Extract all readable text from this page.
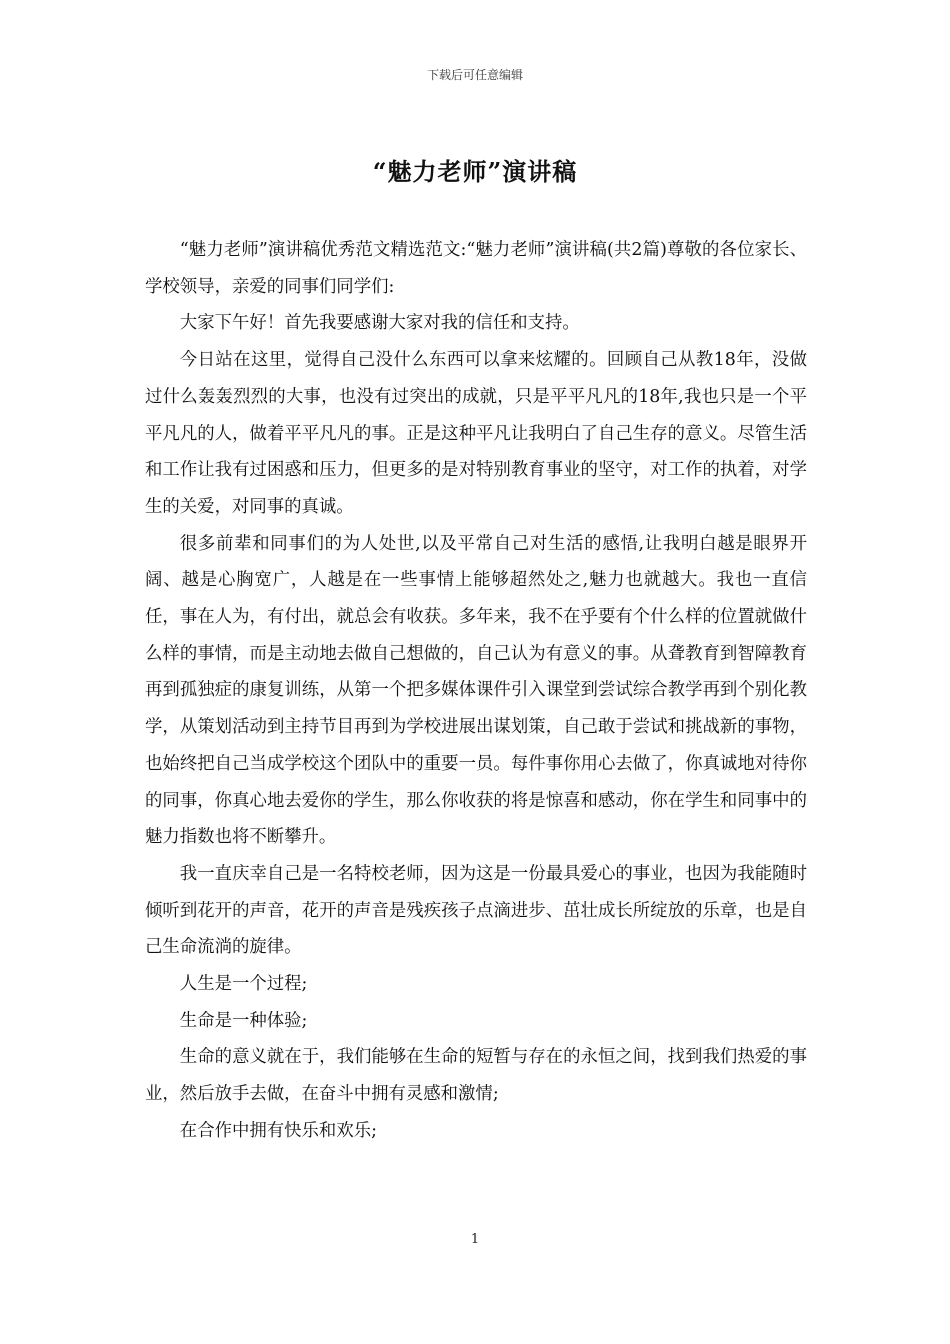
下载后可任意编辑
“魅力老师”演讲稿

“魅力老师”演讲稿优秀范文精选范文:“魅力老师”演讲稿(共2篇)尊敬的各位家长、学校领导，亲爱的同事们同学们:

大家下午好！首先我要感谢大家对我的信任和支持。

今日站在这里，觉得自己没什么东西可以拿来炫耀的。回顾自己从教18年，没做过什么轰轰烈烈的大事，也没有过突出的成就，只是平平凡凡的18年,我也只是一个平平凡凡的人，做着平平凡凡的事。正是这种平凡让我明白了自己生存的意义。尽管生活和工作让我有过困惑和压力，但更多的是对特别教育事业的坚守，对工作的执着，对学生的关爱，对同事的真诚。

很多前辈和同事们的为人处世,以及平常自己对生活的感悟,让我明白越是眼界开阔、越是心胸宽广，人越是在一些事情上能够超然处之,魅力也就越大。我也一直信任，事在人为，有付出，就总会有收获。多年来，我不在乎要有个什么样的位置就做什么样的事情，而是主动地去做自己想做的，自己认为有意义的事。从聋教育到智障教育再到孤独症的康复训练，从第一个把多媒体课件引入课堂到尝试综合教学再到个别化教学，从策划活动到主持节目再到为学校进展出谋划策，自己敢于尝试和挑战新的事物，也始终把自己当成学校这个团队中的重要一员。每件事你用心去做了，你真诚地对待你的同事，你真心地去爱你的学生，那么你收获的将是惊喜和感动，你在学生和同事中的魅力指数也将不断攀升。

我一直庆幸自己是一名特校老师，因为这是一份最具爱心的事业，也因为我能随时倾听到花开的声音，花开的声音是残疾孩子点滴进步、茁壮成长所绽放的乐章，也是自己生命流淌的旋律。

人生是一个过程;

生命是一种体验;

生命的意义就在于，我们能够在生命的短暂与存在的永恒之间，找到我们热爱的事业，然后放手去做，在奋斗中拥有灵感和激情;

在合作中拥有快乐和欢乐;

1
